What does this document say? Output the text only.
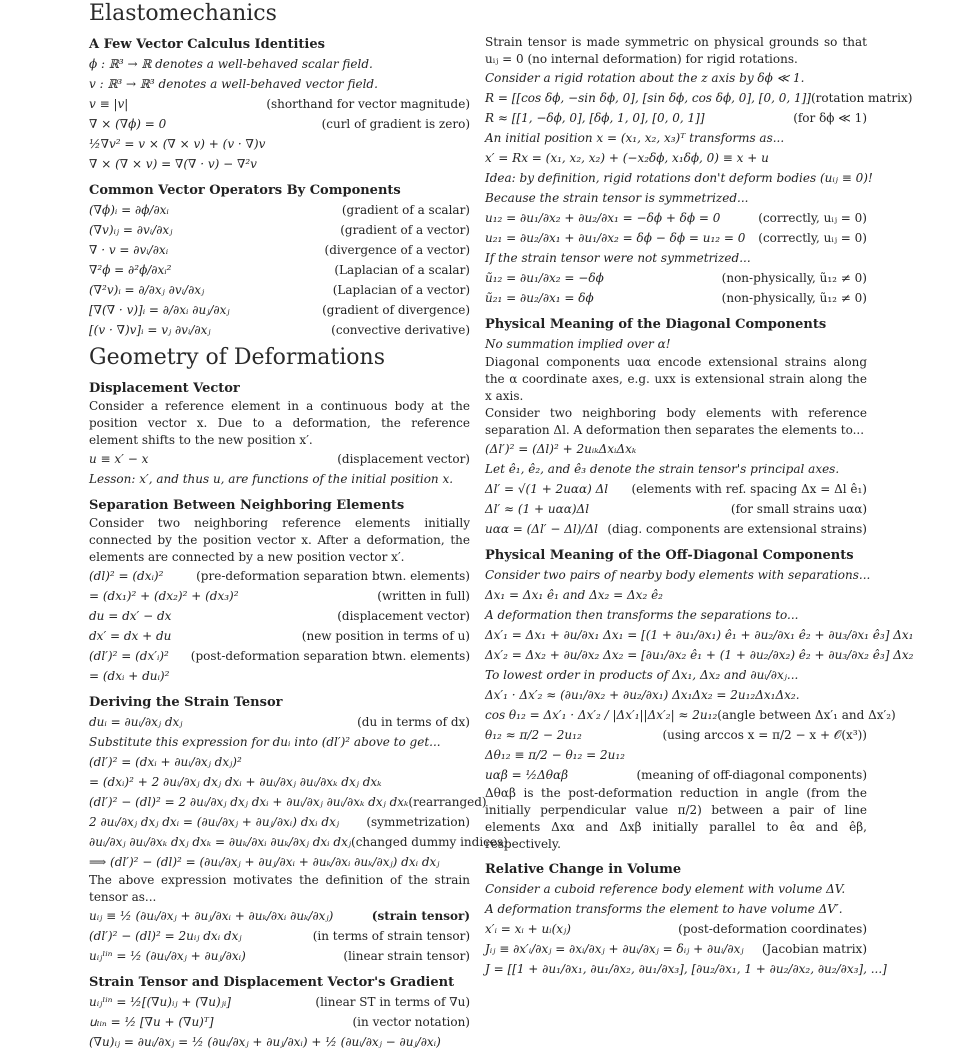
Elastomechanics
A Few Vector Calculus Identities
ϕ : ℝ³ → ℝ denotes a well-behaved scalar field.
v : ℝ³ → ℝ³ denotes a well-behaved vector field.
v ≡ |v|	(shorthand for vector magnitude)
∇ × (∇ϕ) = 0	(curl of gradient is zero)
½∇v² = v × (∇ × v) + (v · ∇)v
∇ × (∇ × v) = ∇(∇ · v) − ∇²v
Common Vector Operators By Components
(∇ϕ)ᵢ = ∂ϕ/∂xᵢ	(gradient of a scalar)
(∇v)ᵢⱼ = ∂vᵢ/∂xⱼ	(gradient of a vector)
∇ · v = ∂vᵢ/∂xᵢ	(divergence of a vector)
∇²ϕ = ∂²ϕ/∂xᵢ²	(Laplacian of a scalar)
(∇²v)ᵢ = ∂/∂xⱼ ∂vᵢ/∂xⱼ	(Laplacian of a vector)
[∇(∇ · v)]ᵢ = ∂/∂xᵢ ∂uⱼ/∂xⱼ	(gradient of divergence)
[(v · ∇)v]ᵢ = vⱼ ∂vᵢ/∂xⱼ	(convective derivative)
Geometry of Deformations
Displacement Vector
Consider a reference element in a continuous body at the position vector x. Due to a deformation, the reference element shifts to the new position x′.
u ≡ x′ − x	(displacement vector)
Lesson: x′, and thus u, are functions of the initial position x.
Separation Between Neighboring Elements
Consider two neighboring reference elements initially connected by the position vector x. After a deformation, the elements are connected by a new position vector x′.
(dl)² = (dxᵢ)²	(pre-deformation separation btwn. elements)
= (dx₁)² + (dx₂)² + (dx₃)²	(written in full)
du = dx′ − dx	(displacement vector)
dx′ = dx + du	(new position in terms of u)
(dl′)² = (dx′ᵢ)² (post-deformation separation btwn. elements)
= (dxᵢ + duᵢ)²
Deriving the Strain Tensor
duᵢ = ∂uᵢ/∂xⱼ dxⱼ	(du in terms of dx)
Substitute this expression for duᵢ into (dl′)² above to get...
(dl′)² = (dxᵢ + ∂uᵢ/∂xⱼ dxⱼ)²
= (dxᵢ)² + 2 ∂uᵢ/∂xⱼ dxⱼ dxᵢ + ∂uᵢ/∂xⱼ ∂uᵢ/∂xₖ dxⱼ dxₖ
(dl′)² − (dl)² = 2 ∂uᵢ/∂xⱼ dxⱼ dxᵢ + ∂uᵢ/∂xⱼ ∂uᵢ/∂xₖ dxⱼ dxₖ (rearranged)
2 ∂uᵢ/∂xⱼ dxⱼ dxᵢ = (∂uᵢ/∂xⱼ + ∂uⱼ/∂xᵢ) dxᵢ dxⱼ (symmetrization)
∂uᵢ/∂xⱼ ∂uᵢ/∂xₖ dxⱼ dxₖ = ∂uₖ/∂xᵢ ∂uₖ/∂xⱼ dxᵢ dxⱼ (changed dummy indices)
⟹ (dl′)² − (dl)² = (∂uᵢ/∂xⱼ + ∂uⱼ/∂xᵢ + ∂uₖ/∂xᵢ ∂uₖ/∂xⱼ) dxᵢ dxⱼ
The above expression motivates the definition of the strain tensor as...
uᵢⱼ ≡ ½ (∂uᵢ/∂xⱼ + ∂uⱼ/∂xᵢ + ∂uₖ/∂xᵢ ∂uₖ/∂xⱼ)	(strain tensor)
(dl′)² − (dl)² = 2uᵢⱼ dxᵢ dxⱼ	(in terms of strain tensor)
uᵢⱼˡⁱⁿ = ½ (∂uᵢ/∂xⱼ + ∂uⱼ/∂xᵢ)	(linear strain tensor)
Strain Tensor and Displacement Vector's Gradient
uᵢⱼˡⁱⁿ = ½[(∇u)ᵢⱼ + (∇u)ⱼᵢ]	(linear ST in terms of ∇u)
𝗎ₗᵢₙ = ½ [∇u + (∇u)ᵀ]	(in vector notation)
(∇u)ᵢⱼ = ∂uᵢ/∂xⱼ = ½ (∂uᵢ/∂xⱼ + ∂uⱼ/∂xᵢ) + ½ (∂uᵢ/∂xⱼ − ∂uⱼ/∂xᵢ)
Strain tensor is made symmetric on physical grounds so that uᵢⱼ = 0 (no internal deformation) for rigid rotations.
Consider a rigid rotation about the z axis by δϕ ≪ 1.
R = [[cos δϕ, −sin δϕ, 0], [sin δϕ, cos δϕ, 0], [0, 0, 1]] (rotation matrix)
R ≈ [[1, −δϕ, 0], [δϕ, 1, 0], [0, 0, 1]]	(for δϕ ≪ 1)
An initial position x = (x₁, x₂, x₃)ᵀ transforms as...
x′ = Rx = (x₁, x₂, x₂) + (−x₂δϕ, x₁δϕ, 0) ≡ x + u
Idea: by definition, rigid rotations don't deform bodies (uᵢⱼ ≡ 0)!
Because the strain tensor is symmetrized...
u₁₂ = ∂u₁/∂x₂ + ∂u₂/∂x₁ = −δϕ + δϕ = 0	(correctly, uᵢⱼ = 0)
u₂₁ = ∂u₂/∂x₁ + ∂u₁/∂x₂ = δϕ − δϕ = u₁₂ = 0 (correctly, uᵢⱼ = 0)
If the strain tensor were not symmetrized...
ũ₁₂ = ∂u₁/∂x₂ = −δϕ	(non-physically, ũ₁₂ ≠ 0)
ũ₂₁ = ∂u₂/∂x₁ = δϕ	(non-physically, ũ₁₂ ≠ 0)
Physical Meaning of the Diagonal Components
No summation implied over α!
Diagonal components uαα encode extensional strains along the α coordinate axes, e.g. uxx is extensional strain along the x axis.
Consider two neighboring body elements with reference separation Δl. A deformation then separates the elements to...
(Δl′)² = (Δl)² + 2uᵢₖΔxᵢΔxₖ
Let ê₁, ê₂, and ê₃ denote the strain tensor's principal axes.
Δl′ = √(1 + 2uαα) Δl (elements with ref. spacing Δx = Δl ê₁)
Δl′ ≈ (1 + uαα)Δl	(for small strains uαα)
uαα = (Δl′ − Δl)/Δl (diag. components are extensional strains)
Physical Meaning of the Off-Diagonal Components
Consider two pairs of nearby body elements with separations...
Δx₁ = Δx₁ ê₁ and Δx₂ = Δx₂ ê₂
A deformation then transforms the separations to...
Δx′₁ = Δx₁ + ∂u/∂x₁ Δx₁ = [(1 + ∂u₁/∂x₁) ê₁ + ∂u₂/∂x₁ ê₂ + ∂u₃/∂x₁ ê₃] Δx₁
Δx′₂ = Δx₂ + ∂u/∂x₂ Δx₂ = [∂u₁/∂x₂ ê₁ + (1 + ∂u₂/∂x₂) ê₂ + ∂u₃/∂x₂ ê₃] Δx₂
To lowest order in products of Δx₁, Δx₂ and ∂uᵢ/∂xⱼ...
Δx′₁ · Δx′₂ ≈ (∂u₁/∂x₂ + ∂u₂/∂x₁) Δx₁Δx₂ = 2u₁₂Δx₁Δx₂.
cos θ₁₂ = Δx′₁ · Δx′₂ / |Δx′₁||Δx′₂| ≈ 2u₁₂ (angle between Δx′₁ and Δx′₂)
θ₁₂ ≈ π/2 − 2u₁₂	(using arccos x = π/2 − x + 𝒪(x³))
Δθ₁₂ ≡ π/2 − θ₁₂ = 2u₁₂
uαβ = ½Δθαβ	(meaning of off-diagonal components)
Δθαβ is the post-deformation reduction in angle (from the initially perpendicular value π/2) between a pair of line elements Δxα and Δxβ initially parallel to êα and êβ, respectively.
Relative Change in Volume
Consider a cuboid reference body element with volume ΔV.
A deformation transforms the element to have volume ΔV′.
x′ᵢ = xᵢ + uᵢ(xⱼ)	(post-deformation coordinates)
Jᵢⱼ ≡ ∂x′ᵢ/∂xⱼ = ∂xᵢ/∂xⱼ + ∂uᵢ/∂xⱼ = δᵢⱼ + ∂uᵢ/∂xⱼ (Jacobian matrix)
J = [[1 + ∂u₁/∂x₁, ∂u₁/∂x₂, ∂u₁/∂x₃], [∂u₂/∂x₁, 1 + ∂u₂/∂x₂, ∂u₂/∂x₃], ...]
